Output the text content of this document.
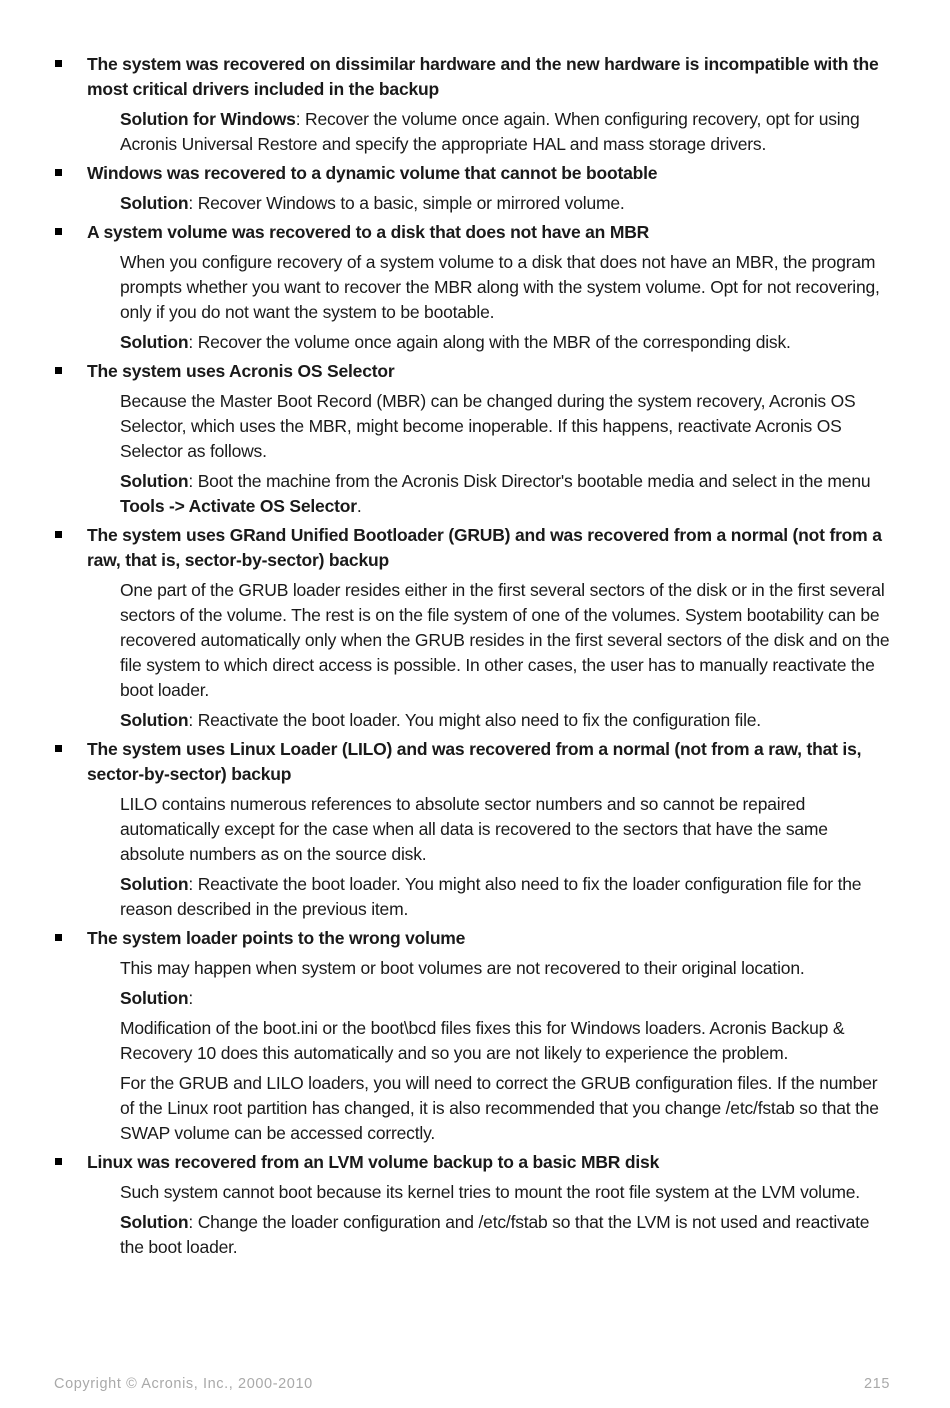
The system was recovered on dissimilar hardware and the new hardware is incompatible with the most critical drivers included in the backup
Solution for Windows: Recover the volume once again. When configuring recovery, opt for using Acronis Universal Restore and specify the appropriate HAL and mass storage drivers.
Windows was recovered to a dynamic volume that cannot be bootable
Solution: Recover Windows to a basic, simple or mirrored volume.
A system volume was recovered to a disk that does not have an MBR
When you configure recovery of a system volume to a disk that does not have an MBR, the program prompts whether you want to recover the MBR along with the system volume. Opt for not recovering, only if you do not want the system to be bootable.
Solution: Recover the volume once again along with the MBR of the corresponding disk.
The system uses Acronis OS Selector
Because the Master Boot Record (MBR) can be changed during the system recovery, Acronis OS Selector, which uses the MBR, might become inoperable. If this happens, reactivate Acronis OS Selector as follows.
Solution: Boot the machine from the Acronis Disk Director's bootable media and select in the menu Tools -> Activate OS Selector.
The system uses GRand Unified Bootloader (GRUB) and was recovered from a normal (not from a raw, that is, sector-by-sector) backup
One part of the GRUB loader resides either in the first several sectors of the disk or in the first several sectors of the volume. The rest is on the file system of one of the volumes. System bootability can be recovered automatically only when the GRUB resides in the first several sectors of the disk and on the file system to which direct access is possible. In other cases, the user has to manually reactivate the boot loader.
Solution: Reactivate the boot loader. You might also need to fix the configuration file.
The system uses Linux Loader (LILO) and was recovered from a normal (not from a raw, that is, sector-by-sector) backup
LILO contains numerous references to absolute sector numbers and so cannot be repaired automatically except for the case when all data is recovered to the sectors that have the same absolute numbers as on the source disk.
Solution: Reactivate the boot loader. You might also need to fix the loader configuration file for the reason described in the previous item.
The system loader points to the wrong volume
This may happen when system or boot volumes are not recovered to their original location.
Solution:
Modification of the boot.ini or the boot\bcd files fixes this for Windows loaders. Acronis Backup & Recovery 10 does this automatically and so you are not likely to experience the problem.
For the GRUB and LILO loaders, you will need to correct the GRUB configuration files. If the number of the Linux root partition has changed, it is also recommended that you change /etc/fstab so that the SWAP volume can be accessed correctly.
Linux was recovered from an LVM volume backup to a basic MBR disk
Such system cannot boot because its kernel tries to mount the root file system at the LVM volume.
Solution: Change the loader configuration and /etc/fstab so that the LVM is not used and reactivate the boot loader.
Copyright © Acronis, Inc., 2000-2010	215
